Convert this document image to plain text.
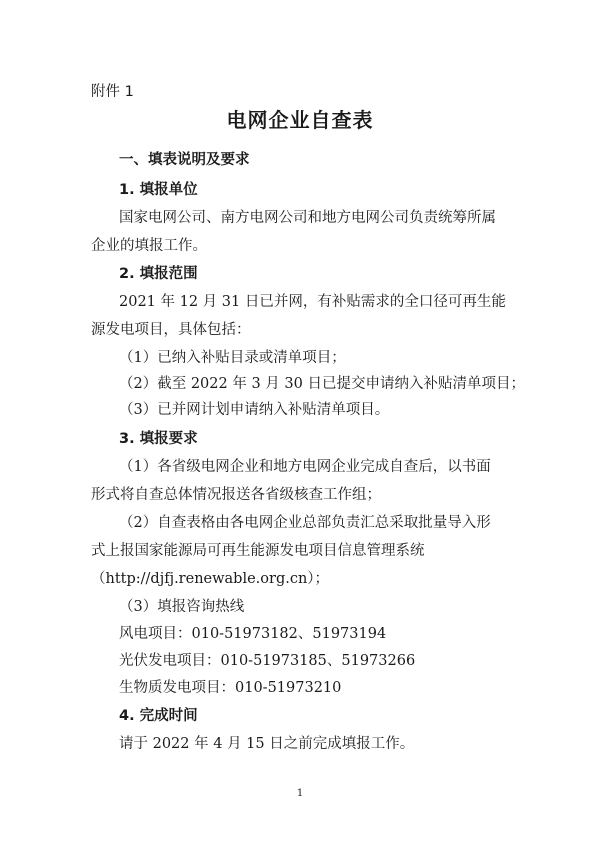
附件 1
电网企业自查表
一、填表说明及要求
1. 填报单位
国家电网公司、南方电网公司和地方电网公司负责统筹所属
企业的填报工作。
2. 填报范围
2021 年 12 月 31 日已并网，有补贴需求的全口径可再生能
源发电项目，具体包括：
（1）已纳入补贴目录或清单项目；
（2）截至 2022 年 3 月 30 日已提交申请纳入补贴清单项目；
（3）已并网计划申请纳入补贴清单项目。
3. 填报要求
（1）各省级电网企业和地方电网企业完成自查后，以书面
形式将自查总体情况报送各省级核查工作组；
（2）自查表格由各电网企业总部负责汇总采取批量导入形
式上报国家能源局可再生能源发电项目信息管理系统
（http://djfj.renewable.org.cn）；
（3）填报咨询热线
风电项目：010-51973182、51973194
光伏发电项目：010-51973185、51973266
生物质发电项目：010-51973210
4. 完成时间
请于 2022 年 4 月 15 日之前完成填报工作。
1
